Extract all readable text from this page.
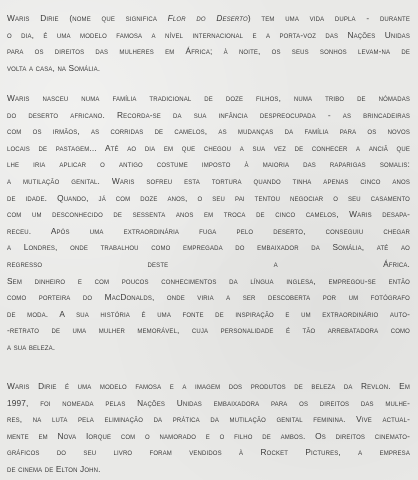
Waris Dirie (nome que significa Flor do Deserto) tem uma vida dupla - durante
o dia, é uma modelo famosa a nível internacional e a porta-voz das Nações Unidas
para os direitos das mulheres em África; à noite, os seus sonhos levam-na de
volta a casa, na Somália.
Waris nasceu numa família tradicional de doze filhos, numa tribo de nómadas
do deserto africano. Recorda-se da sua infância despreocupada - as brincadeiras
com os irmãos, as corridas de camelos, as mudanças da família para os novos
locais de pastagem... Até ao dia em que chegou a sua vez de conhecer a anciã que
lhe iria aplicar o antigo costume imposto à maioria das raparigas somalis:
a mutilação genital. Waris sofreu esta tortura quando tinha apenas cinco anos
de idade. Quando, já com doze anos, o seu pai tentou negociar o seu casamento
com um desconhecido de sessenta anos em troca de cinco camelos, Waris desapa-
receu. Após uma extraordinária fuga pelo deserto, conseguiu chegar
a Londres, onde trabalhou como empregada do embaixador da Somália, até ao
regresso deste a África.
Sem dinheiro e com poucos conhecimentos da língua inglesa, empregou-se então
como porteira do MacDonalds, onde viria a ser descoberta por um fotógrafo
de moda. A sua história é uma fonte de inspiração e um extraordinário auto-
-retrato de uma mulher memorável, cuja personalidade é tão arrebatadora como
a sua beleza.
Waris Dirie é uma modelo famosa e a imagem dos produtos de beleza da Revlon. Em
1997, foi nomeada pelas Nações Unidas embaixadora para os direitos das mulhe-
res, na luta pela eliminação da prática da mutilação genital feminina. Vive actual-
mente em Nova Iorque com o namorado e o filho de ambos. Os direitos cinemato-
gráficos do seu livro foram vendidos à Rocket Pictures, a empresa
de cinema de Elton John.
